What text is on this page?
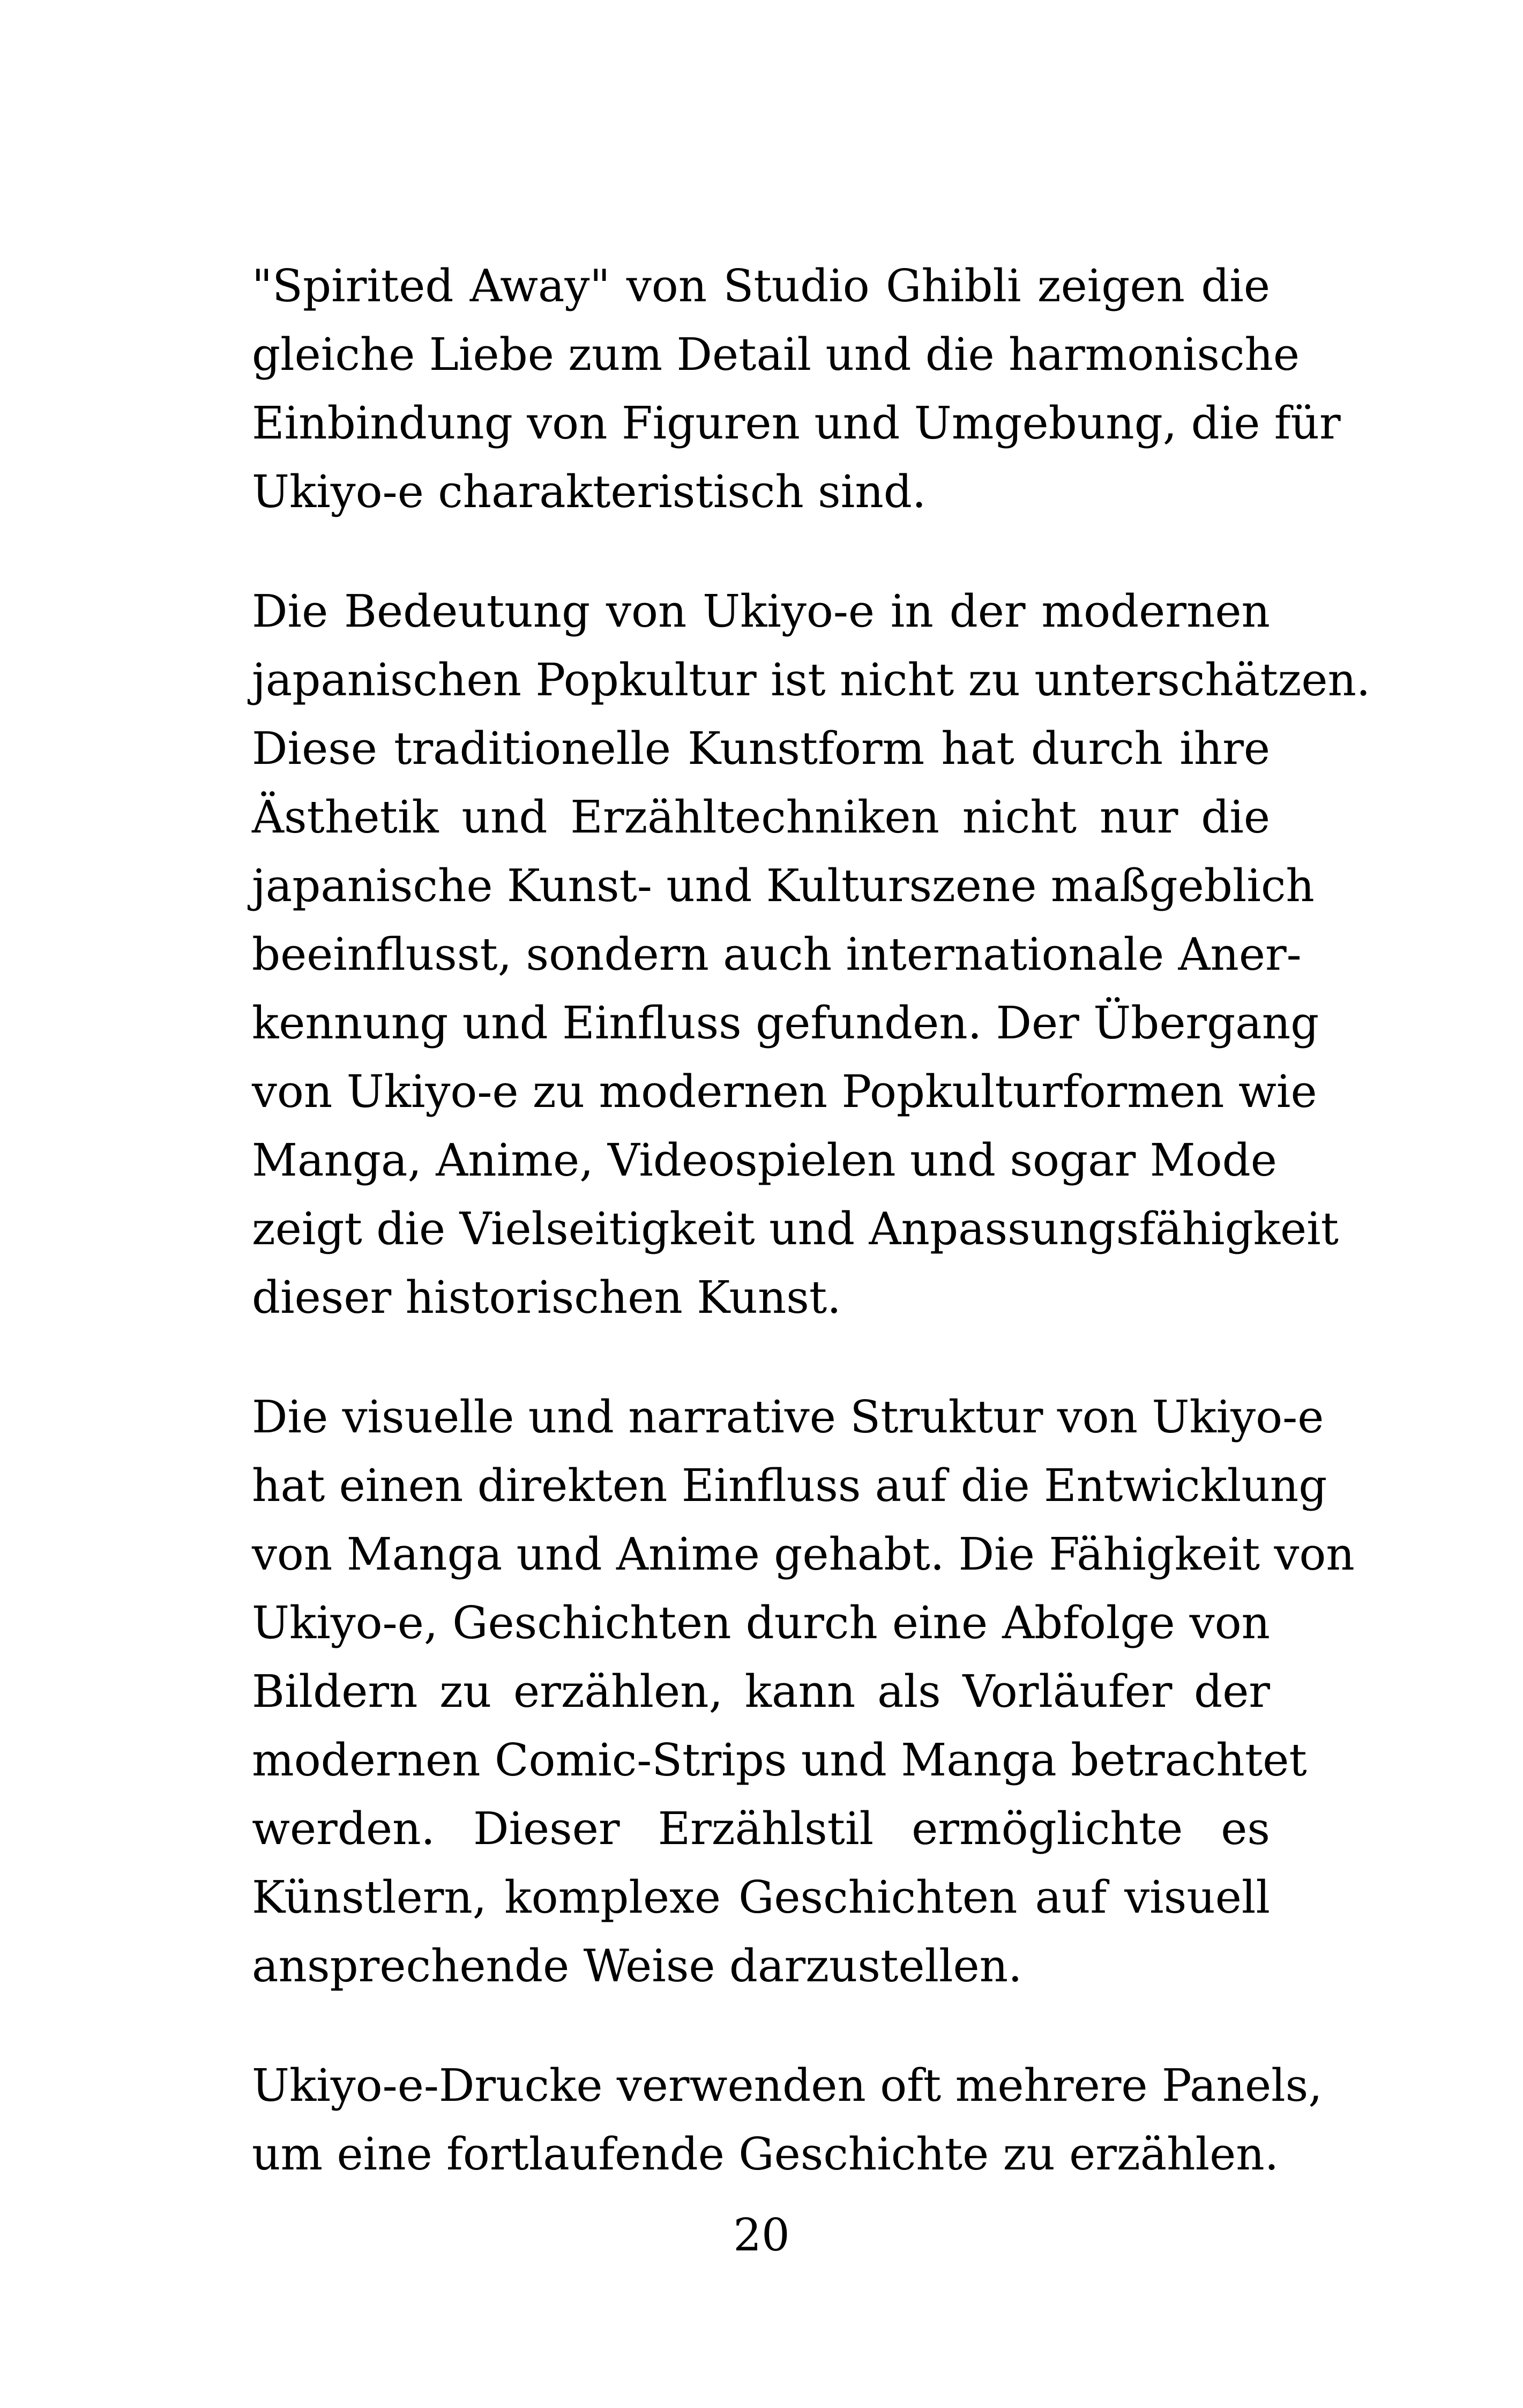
"Spirited Away" von Studio Ghibli zeigen die
gleiche Liebe zum Detail und die harmonische
Einbindung von Figuren und Umgebung, die für
Ukiyo-e charakteristisch sind.

Die Bedeutung von Ukiyo-e in der modernen
japanischen Popkultur ist nicht zu unterschätzen.
Diese traditionelle Kunstform hat durch ihre
Ästhetik und Erzähltechniken nicht nur die
japanische Kunst- und Kulturszene maßgeblich
beeinflusst, sondern auch internationale Aner-
kennung und Einfluss gefunden. Der Übergang
von Ukiyo-e zu modernen Popkulturformen wie
Manga, Anime, Videospielen und sogar Mode
zeigt die Vielseitigkeit und Anpassungsfähigkeit
dieser historischen Kunst.

Die visuelle und narrative Struktur von Ukiyo-e
hat einen direkten Einfluss auf die Entwicklung
von Manga und Anime gehabt. Die Fähigkeit von
Ukiyo-e, Geschichten durch eine Abfolge von
Bildern zu erzählen, kann als Vorläufer der
modernen Comic-Strips und Manga betrachtet
werden. Dieser Erzählstil ermöglichte es
Künstlern, komplexe Geschichten auf visuell
ansprechende Weise darzustellen.

Ukiyo-e-Drucke verwenden oft mehrere Panels,
um eine fortlaufende Geschichte zu erzählen.

20
